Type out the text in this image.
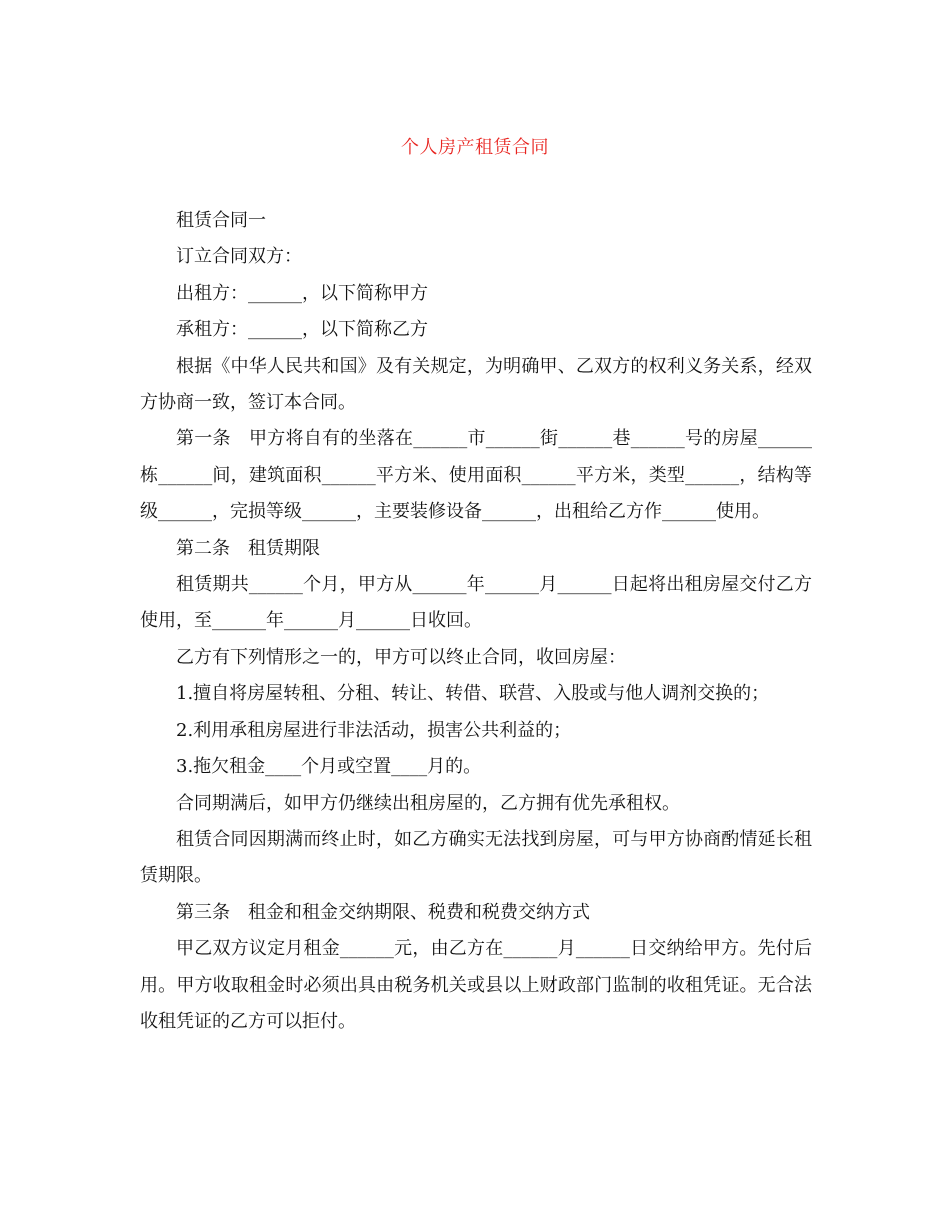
个人房产租赁合同

租赁合同一

订立合同双方：

出租方：______，以下简称甲方

承租方：______，以下简称乙方

根据《中华人民共和国》及有关规定，为明确甲、乙双方的权利义务关系，经双方协商一致，签订本合同。

第一条　甲方将自有的坐落在______市______街______巷______号的房屋______栋______间，建筑面积______平方米、使用面积______平方米，类型______，结构等级______，完损等级______，主要装修设备______，出租给乙方作______使用。

第二条　租赁期限

租赁期共______个月，甲方从______年______月______日起将出租房屋交付乙方使用，至______年______月______日收回。

乙方有下列情形之一的，甲方可以终止合同，收回房屋：

1.擅自将房屋转租、分租、转让、转借、联营、入股或与他人调剂交换的；

2.利用承租房屋进行非法活动，损害公共利益的；

3.拖欠租金____个月或空置____月的。

合同期满后，如甲方仍继续出租房屋的，乙方拥有优先承租权。

租赁合同因期满而终止时，如乙方确实无法找到房屋，可与甲方协商酌情延长租赁期限。

第三条　租金和租金交纳期限、税费和税费交纳方式

甲乙双方议定月租金______元，由乙方在______月______日交纳给甲方。先付后用。甲方收取租金时必须出具由税务机关或县以上财政部门监制的收租凭证。无合法收租凭证的乙方可以拒付。
